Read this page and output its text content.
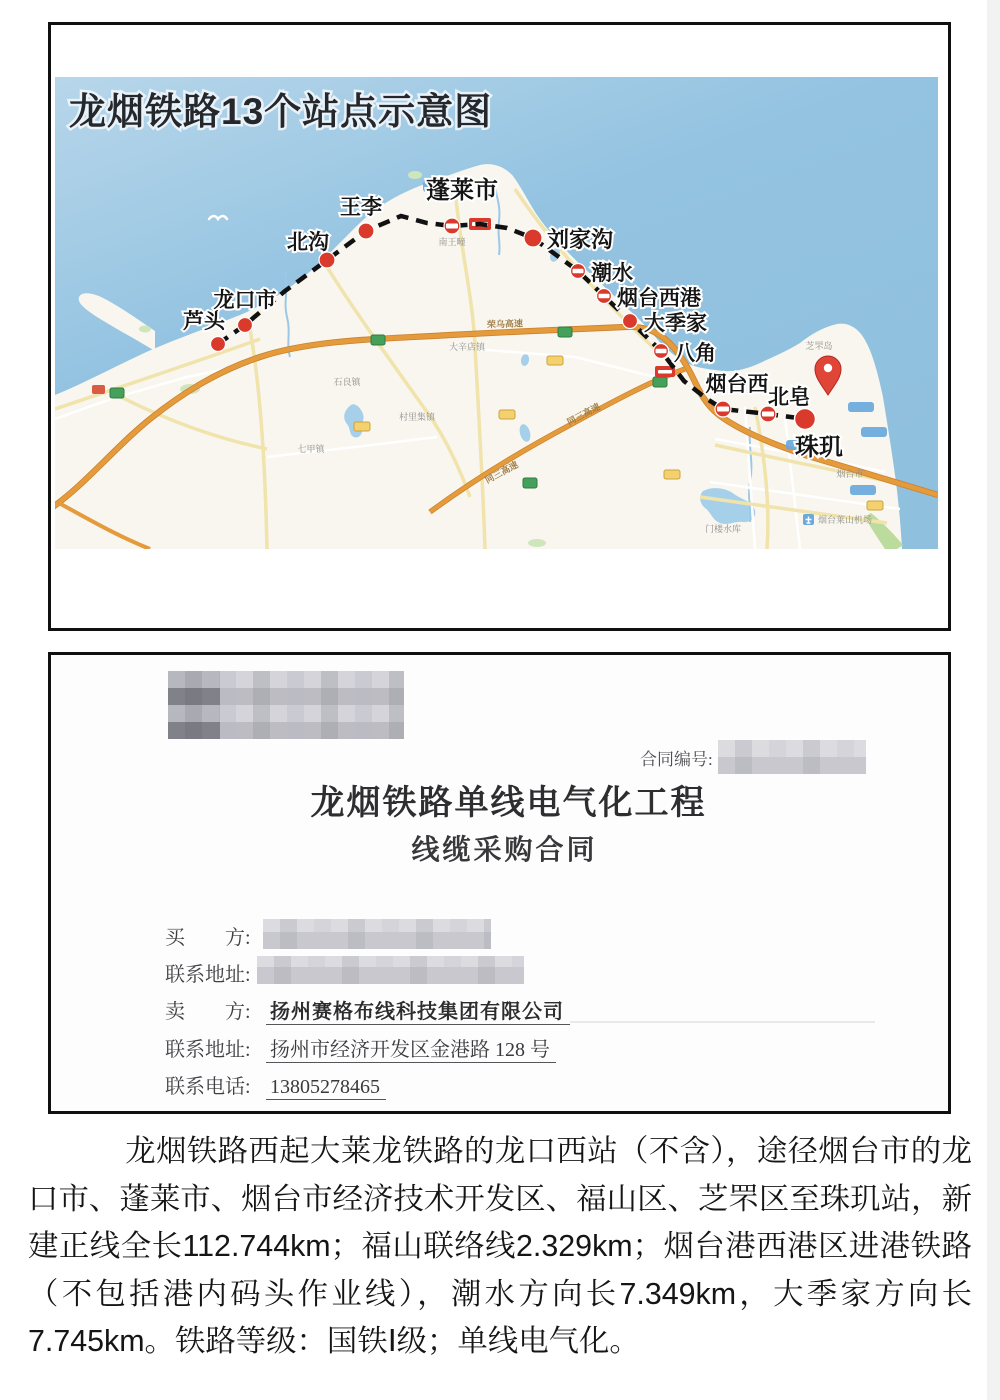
南王疃
大辛店镇
村里集镇
石良镇
七甲镇
芝罘岛
烟台市
烟台莱山机场
门楼水库
荣乌高速
同三高速
同三高速
芦头
龙口市
北沟
王李
蓬莱市
刘家沟
潮水
烟台西港
大季家
八角
烟台西
北皂
珠玑
龙烟铁路13个站点示意图
合同编号:
龙烟铁路单线电气化工程
线缆采购合同
买　　方:
联系地址:
卖　　方: 扬州赛格布线科技集团有限公司
联系地址: 扬州市经济开发区金港路 128 号
联系电话: 13805278465
龙烟铁路西起大莱龙铁路的龙口西站（不含），途径烟台市的龙口市、蓬莱市、烟台市经济技术开发区、福山区、芝罘区至珠玑站，新建正线全长112.744km；福山联络线2.329km；烟台港西港区进港铁路（不包括港内码头作业线），潮水方向长7.349km，大季家方向长7.745km。铁路等级：国铁Ⅰ级；单线电气化。
